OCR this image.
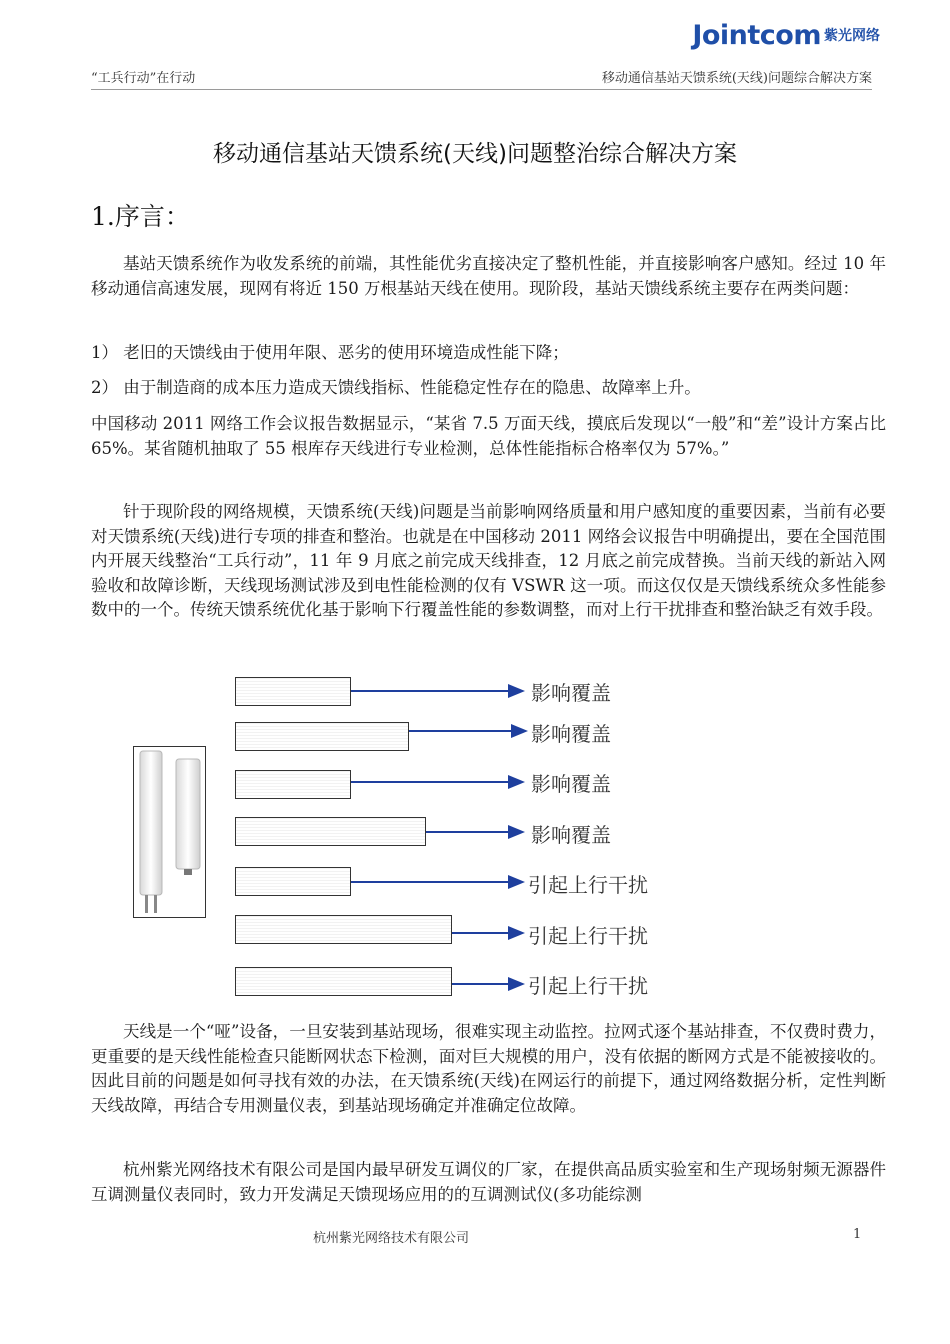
Jointcom 紫光网络
“工兵行动”在行动	移动通信基站天馈系统(天线)问题综合解决方案
移动通信基站天馈系统(天线)问题整治综合解决方案
1.序言：

基站天馈系统作为收发系统的前端，其性能优劣直接决定了整机性能，并直接影响客户感知。经过 10 年移动通信高速发展，现网有将近 150 万根基站天线在使用。现阶段，基站天馈线系统主要存在两类问题：

1） 老旧的天馈线由于使用年限、恶劣的使用环境造成性能下降；

2） 由于制造商的成本压力造成天馈线指标、性能稳定性存在的隐患、故障率上升。

中国移动 2011 网络工作会议报告数据显示，“某省 7.5 万面天线，摸底后发现以“一般”和“差”设计方案占比 65%。某省随机抽取了 55 根库存天线进行专业检测，总体性能指标合格率仅为 57%。”

针于现阶段的网络规模，天馈系统(天线)问题是当前影响网络质量和用户感知度的重要因素，当前有必要对天馈系统(天线)进行专项的排查和整治。也就是在中国移动 2011 网络会议报告中明确提出，要在全国范围内开展天线整治“工兵行动”，11 年 9 月底之前完成天线排查，12 月底之前完成替换。当前天线的新站入网验收和故障诊断，天线现场测试涉及到电性能检测的仅有 VSWR 这一项。而这仅仅是天馈线系统众多性能参数中的一个。传统天馈系统优化基于影响下行覆盖性能的参数调整，而对上行干扰排查和整治缺乏有效手段。

影响覆盖
影响覆盖
影响覆盖
影响覆盖
引起上行干扰
引起上行干扰
引起上行干扰

天线是一个“哑”设备，一旦安装到基站现场，很难实现主动监控。拉网式逐个基站排查，不仅费时费力，更重要的是天线性能检查只能断网状态下检测，面对巨大规模的用户，没有依据的断网方式是不能被接收的。因此目前的问题是如何寻找有效的办法，在天馈系统(天线)在网运行的前提下，通过网络数据分析，定性判断天线故障，再结合专用测量仪表，到基站现场确定并准确定位故障。

杭州紫光网络技术有限公司是国内最早研发互调仪的厂家，在提供高品质实验室和生产现场射频无源器件互调测量仪表同时，致力开发满足天馈现场应用的的互调测试仪(多功能综测

杭州紫光网络技术有限公司	1
